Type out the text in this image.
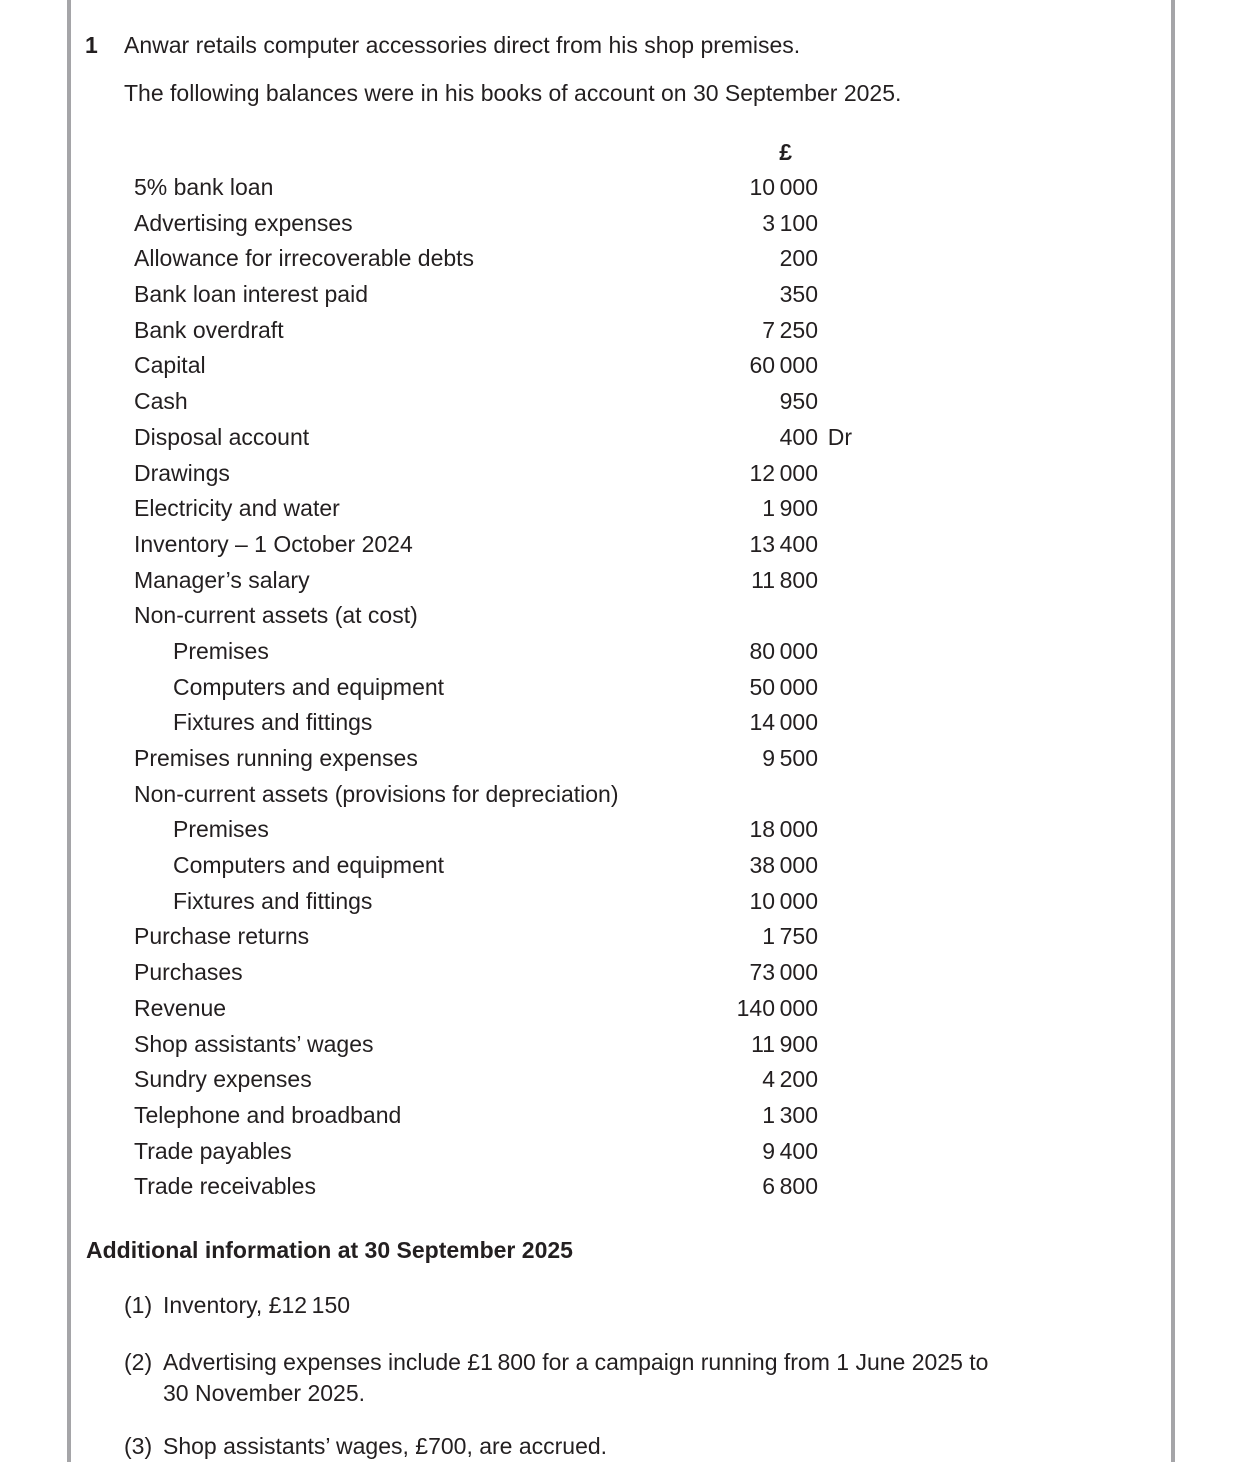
1	Anwar retails computer accessories direct from his shop premises.
The following balances were in his books of account on 30 September 2025.
£
5% bank loan	10 000
Advertising expenses	3 100
Allowance for irrecoverable debts	200
Bank loan interest paid	350
Bank overdraft	7 250
Capital	60 000
Cash	950
Disposal account	400 Dr
Drawings	12 000
Electricity and water	1 900
Inventory – 1 October 2024	13 400
Manager’s salary	11 800
Non-current assets (at cost)
Premises	80 000
Computers and equipment	50 000
Fixtures and fittings	14 000
Premises running expenses	9 500
Non-current assets (provisions for depreciation)
Premises	18 000
Computers and equipment	38 000
Fixtures and fittings	10 000
Purchase returns	1 750
Purchases	73 000
Revenue	140 000
Shop assistants’ wages	11 900
Sundry expenses	4 200
Telephone and broadband	1 300
Trade payables	9 400
Trade receivables	6 800
Additional information at 30 September 2025
(1) Inventory, £12 150
(2) Advertising expenses include £1 800 for a campaign running from 1 June 2025 to
30 November 2025.
(3) Shop assistants’ wages, £700, are accrued.
